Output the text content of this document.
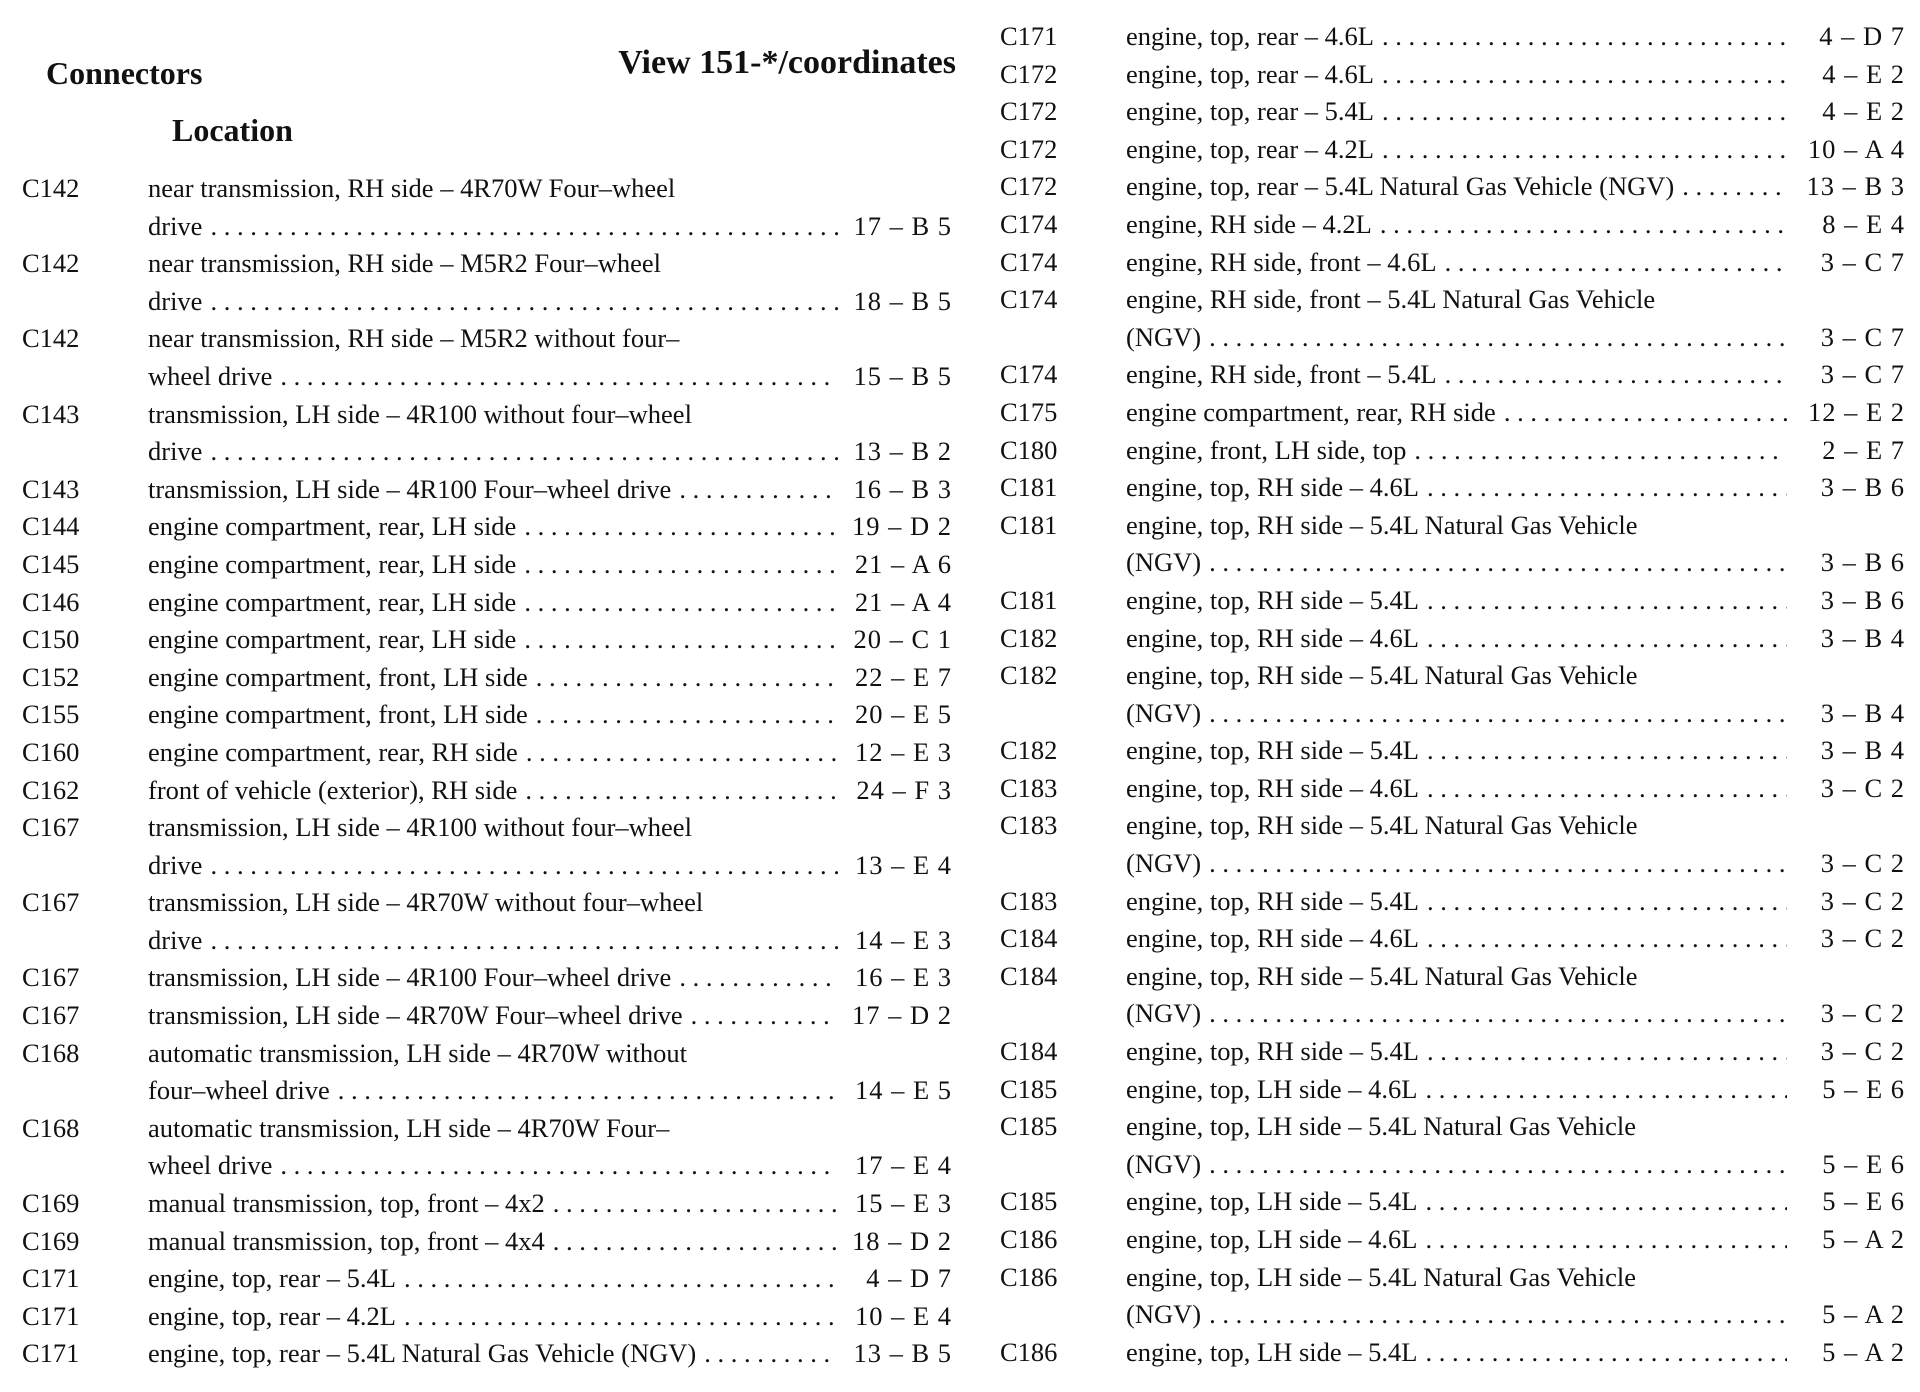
Connectors
Location
C142	near transmission, RH side – 4R70W Four–wheel
drive . . .	17 – B 5
C142	near transmission, RH side – M5R2 Four–wheel
drive . . .	18 – B 5
C142	near transmission, RH side – M5R2 without four–
wheel drive . . .	15 – B 5
C143	transmission, LH side – 4R100 without four–wheel
drive . . .	13 – B 2
C143	transmission, LH side – 4R100 Four–wheel drive . . .	16 – B 3
C144	engine compartment, rear, LH side . . .	19 – D 2
C145	engine compartment, rear, LH side . . .	21 – A 6
C146	engine compartment, rear, LH side . . .	21 – A 4
C150	engine compartment, rear, LH side . . .	20 – C 1
C152	engine compartment, front, LH side . . .	22 – E 7
C155	engine compartment, front, LH side . . .	20 – E 5
C160	engine compartment, rear, RH side . . .	12 – E 3
C162	front of vehicle (exterior), RH side . . .	24 – F 3
C167	transmission, LH side – 4R100 without four–wheel
drive . . .	13 – E 4
C167	transmission, LH side – 4R70W without four–wheel
drive . . .	14 – E 3
C167	transmission, LH side – 4R100 Four–wheel drive . . .	16 – E 3
C167	transmission, LH side – 4R70W Four–wheel drive . . .	17 – D 2
C168	automatic transmission, LH side – 4R70W without
four–wheel drive . . .	14 – E 5
C168	automatic transmission, LH side – 4R70W Four–
wheel drive . . .	17 – E 4
C169	manual transmission, top, front – 4x2 . . .	15 – E 3
C169	manual transmission, top, front – 4x4 . . .	18 – D 2
C171	engine, top, rear – 5.4L . . .	4 – D 7
C171	engine, top, rear – 4.2L . . .	10 – E 4
C171	engine, top, rear – 5.4L Natural Gas Vehicle (NGV) . . .	13 – B 5
View 151-*/coordinates
C171	engine, top, rear – 4.6L . . .	4 – D 7
C172	engine, top, rear – 4.6L . . .	4 – E 2
C172	engine, top, rear – 5.4L . . .	4 – E 2
C172	engine, top, rear – 4.2L . . .	10 – A 4
C172	engine, top, rear – 5.4L Natural Gas Vehicle (NGV) . . .	13 – B 3
C174	engine, RH side – 4.2L . . .	8 – E 4
C174	engine, RH side, front – 4.6L . . .	3 – C 7
C174	engine, RH side, front – 5.4L Natural Gas Vehicle
(NGV) . . .	3 – C 7
C174	engine, RH side, front – 5.4L . . .	3 – C 7
C175	engine compartment, rear, RH side . . .	12 – E 2
C180	engine, front, LH side, top . . .	2 – E 7
C181	engine, top, RH side – 4.6L . . .	3 – B 6
C181	engine, top, RH side – 5.4L Natural Gas Vehicle
(NGV) . . .	3 – B 6
C181	engine, top, RH side – 5.4L . . .	3 – B 6
C182	engine, top, RH side – 4.6L . . .	3 – B 4
C182	engine, top, RH side – 5.4L Natural Gas Vehicle
(NGV) . . .	3 – B 4
C182	engine, top, RH side – 5.4L . . .	3 – B 4
C183	engine, top, RH side – 4.6L . . .	3 – C 2
C183	engine, top, RH side – 5.4L Natural Gas Vehicle
(NGV) . . .	3 – C 2
C183	engine, top, RH side – 5.4L . . .	3 – C 2
C184	engine, top, RH side – 4.6L . . .	3 – C 2
C184	engine, top, RH side – 5.4L Natural Gas Vehicle
(NGV) . . .	3 – C 2
C184	engine, top, RH side – 5.4L . . .	3 – C 2
C185	engine, top, LH side – 4.6L . . .	5 – E 6
C185	engine, top, LH side – 5.4L Natural Gas Vehicle
(NGV) . . .	5 – E 6
C185	engine, top, LH side – 5.4L . . .	5 – E 6
C186	engine, top, LH side – 4.6L . . .	5 – A 2
C186	engine, top, LH side – 5.4L Natural Gas Vehicle
(NGV) . . .	5 – A 2
C186	engine, top, LH side – 5.4L . . .	5 – A 2
